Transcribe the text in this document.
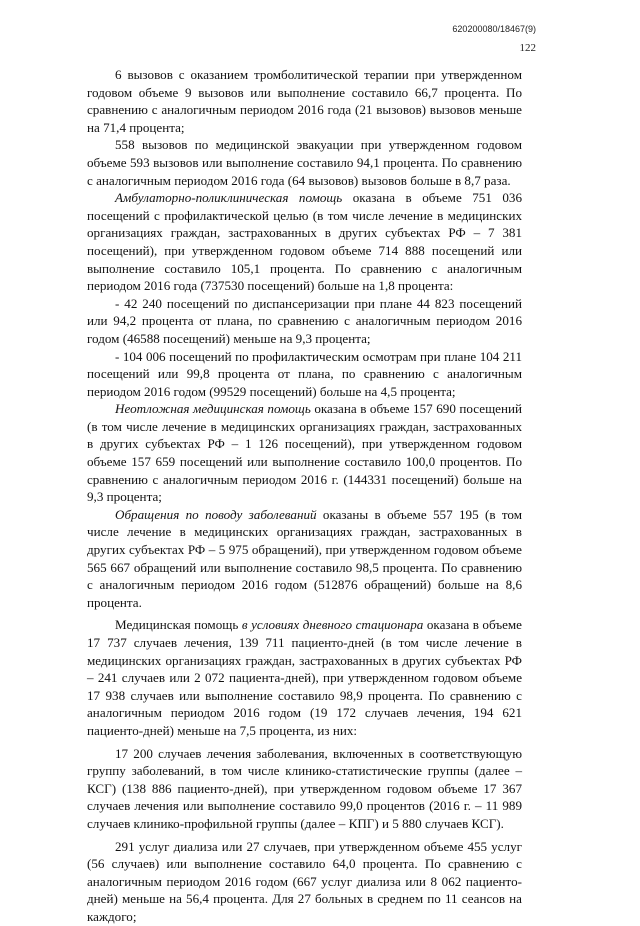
620200080/18467(9)
122

6 вызовов с оказанием тромболитической терапии при утвержденном годовом объеме 9 вызовов или выполнение составило 66,7 процента. По сравнению с аналогичным периодом 2016 года (21 вызовов) вызовов меньше на 71,4 процента;

558 вызовов по медицинской эвакуации при утвержденном годовом объеме 593 вызовов или выполнение составило 94,1 процента. По сравнению с аналогичным периодом 2016 года (64 вызовов) вызовов больше в 8,7 раза.

Амбулаторно-поликлиническая помощь оказана в объеме 751 036 посещений с профилактической целью (в том числе лечение в медицинских организациях граждан, застрахованных в других субъектах РФ – 7 381 посещений), при утвержденном годовом объеме 714 888 посещений или выполнение составило 105,1 процента. По сравнению с аналогичным периодом 2016 года (737530 посещений) больше на 1,8 процента:

- 42 240 посещений по диспансеризации при плане 44 823 посещений или 94,2 процента от плана, по сравнению с аналогичным периодом 2016 годом (46588 посещений) меньше на 9,3 процента;

- 104 006 посещений по профилактическим осмотрам при плане 104 211 посещений или 99,8 процента от плана, по сравнению с аналогичным периодом 2016 годом (99529 посещений) больше на 4,5 процента;

Неотложная медицинская помощь оказана в объеме 157 690 посещений (в том числе лечение в медицинских организациях граждан, застрахованных в других субъектах РФ – 1 126 посещений), при утвержденном годовом объеме 157 659 посещений или выполнение составило 100,0 процентов. По сравнению с аналогичным периодом 2016 г. (144331 посещений) больше на 9,3 процента;

Обращения по поводу заболеваний оказаны в объеме 557 195 (в том числе лечение в медицинских организациях граждан, застрахованных в других субъектах РФ – 5 975 обращений), при утвержденном годовом объеме 565 667 обращений или выполнение составило 98,5 процента. По сравнению с аналогичным периодом 2016 годом (512876 обращений) больше на 8,6 процента.

Медицинская помощь в условиях дневного стационара оказана в объеме 17 737 случаев лечения, 139 711 пациенто-дней (в том числе лечение в медицинских организациях граждан, застрахованных в других субъектах РФ – 241 случаев или 2 072 пациента-дней), при утвержденном годовом объеме 17 938 случаев или выполнение составило 98,9 процента. По сравнению с аналогичным периодом 2016 годом (19 172 случаев лечения, 194 621 пациенто-дней) меньше на 7,5 процента, из них:

17 200 случаев лечения заболевания, включенных в соответствующую группу заболеваний, в том числе клинико-статистические группы (далее – КСГ) (138 886 пациенто-дней), при утвержденном годовом объеме 17 367 случаев лечения или выполнение составило 99,0 процентов (2016 г. – 11 989 случаев клинико-профильной группы (далее – КПГ) и 5 880 случаев КСГ).

291 услуг диализа или 27 случаев, при утвержденном объеме 455 услуг (56 случаев) или выполнение составило 64,0 процента. По сравнению с аналогичным периодом 2016 годом (667 услуг диализа или 8 062 пациенто-дней) меньше на 56,4 процента. Для 27 больных в среднем по 11 сеансов на каждого;
